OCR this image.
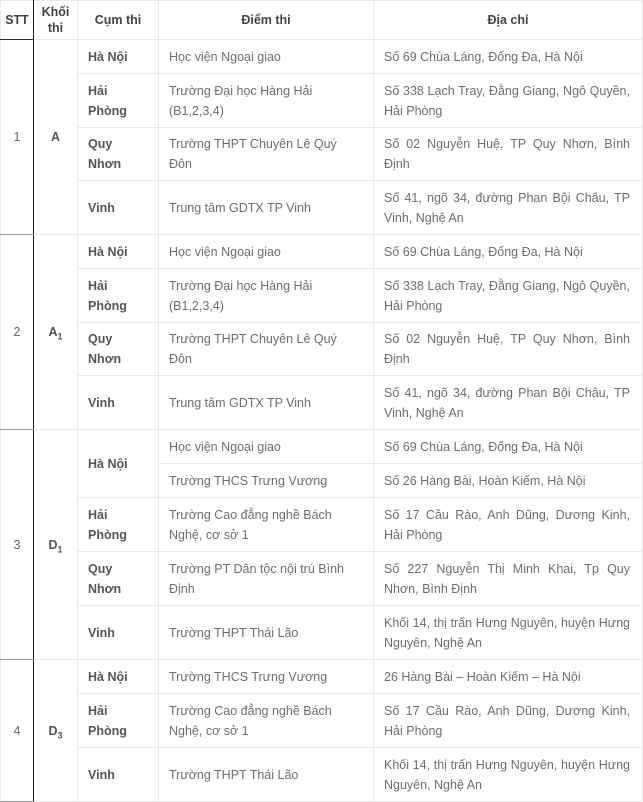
STT	Khối thi	Cụm thi	Điểm thi	Địa chỉ
1	A	Hà Nội	Học viện Ngoại giao	Số 69 Chùa Láng, Đống Đa, Hà Nội
		Hải Phòng	Trường Đại học Hàng Hải (B1,2,3,4)	Số 338 Lạch Tray, Đằng Giang, Ngô Quyền, Hải Phòng
		Quy Nhơn	Trường THPT Chuyên Lê Quý Đôn	Số 02 Nguyễn Huệ, TP Quy Nhơn, Bình Định
		Vinh	Trung tâm GDTX TP Vinh	Số 41, ngõ 34, đường Phan Bội Châu, TP Vinh, Nghệ An
2	$A_1$	Hà Nội	Học viện Ngoại giao	Số 69 Chùa Láng, Đống Đa, Hà Nội
		Hải Phòng	Trường Đại học Hàng Hải (B1,2,3,4)	Số 338 Lạch Tray, Đằng Giang, Ngô Quyền, Hải Phòng
		Quy Nhơn	Trường THPT Chuyên Lê Quý Đôn	Số 02 Nguyễn Huệ, TP Quy Nhơn, Bình Định
		Vinh	Trung tâm GDTX TP Vinh	Số 41, ngõ 34, đường Phan Bội Châu, TP Vinh, Nghệ An
3	$D_1$	Hà Nội	Học viện Ngoại giao	Số 69 Chùa Láng, Đống Đa, Hà Nội
			Trường THCS Trưng Vương	Số 26 Hàng Bài, Hoàn Kiếm, Hà Nội
		Hải Phòng	Trường Cao đẳng nghề Bách Nghệ, cơ sở 1	Số 17 Cầu Rào, Anh Dũng, Dương Kinh, Hải Phòng
		Quy Nhơn	Trường PT Dân tộc nội trú Bình Định	Số 227 Nguyễn Thị Minh Khai, Tp Quy Nhơn, Bình Định
		Vinh	Trường THPT Thái Lão	Khối 14, thị trấn Hưng Nguyên, huyện Hưng Nguyên, Nghệ An
4	$D_3$	Hà Nội	Trường THCS Trưng Vương	26 Hàng Bài – Hoàn Kiếm – Hà Nội
		Hải Phòng	Trường Cao đẳng nghề Bách Nghệ, cơ sở 1	Số 17 Cầu Rào, Anh Dũng, Dương Kinh, Hải Phòng
		Vinh	Trường THPT Thái Lão	Khối 14, thị trấn Hưng Nguyên, huyện Hưng Nguyên, Nghệ An
